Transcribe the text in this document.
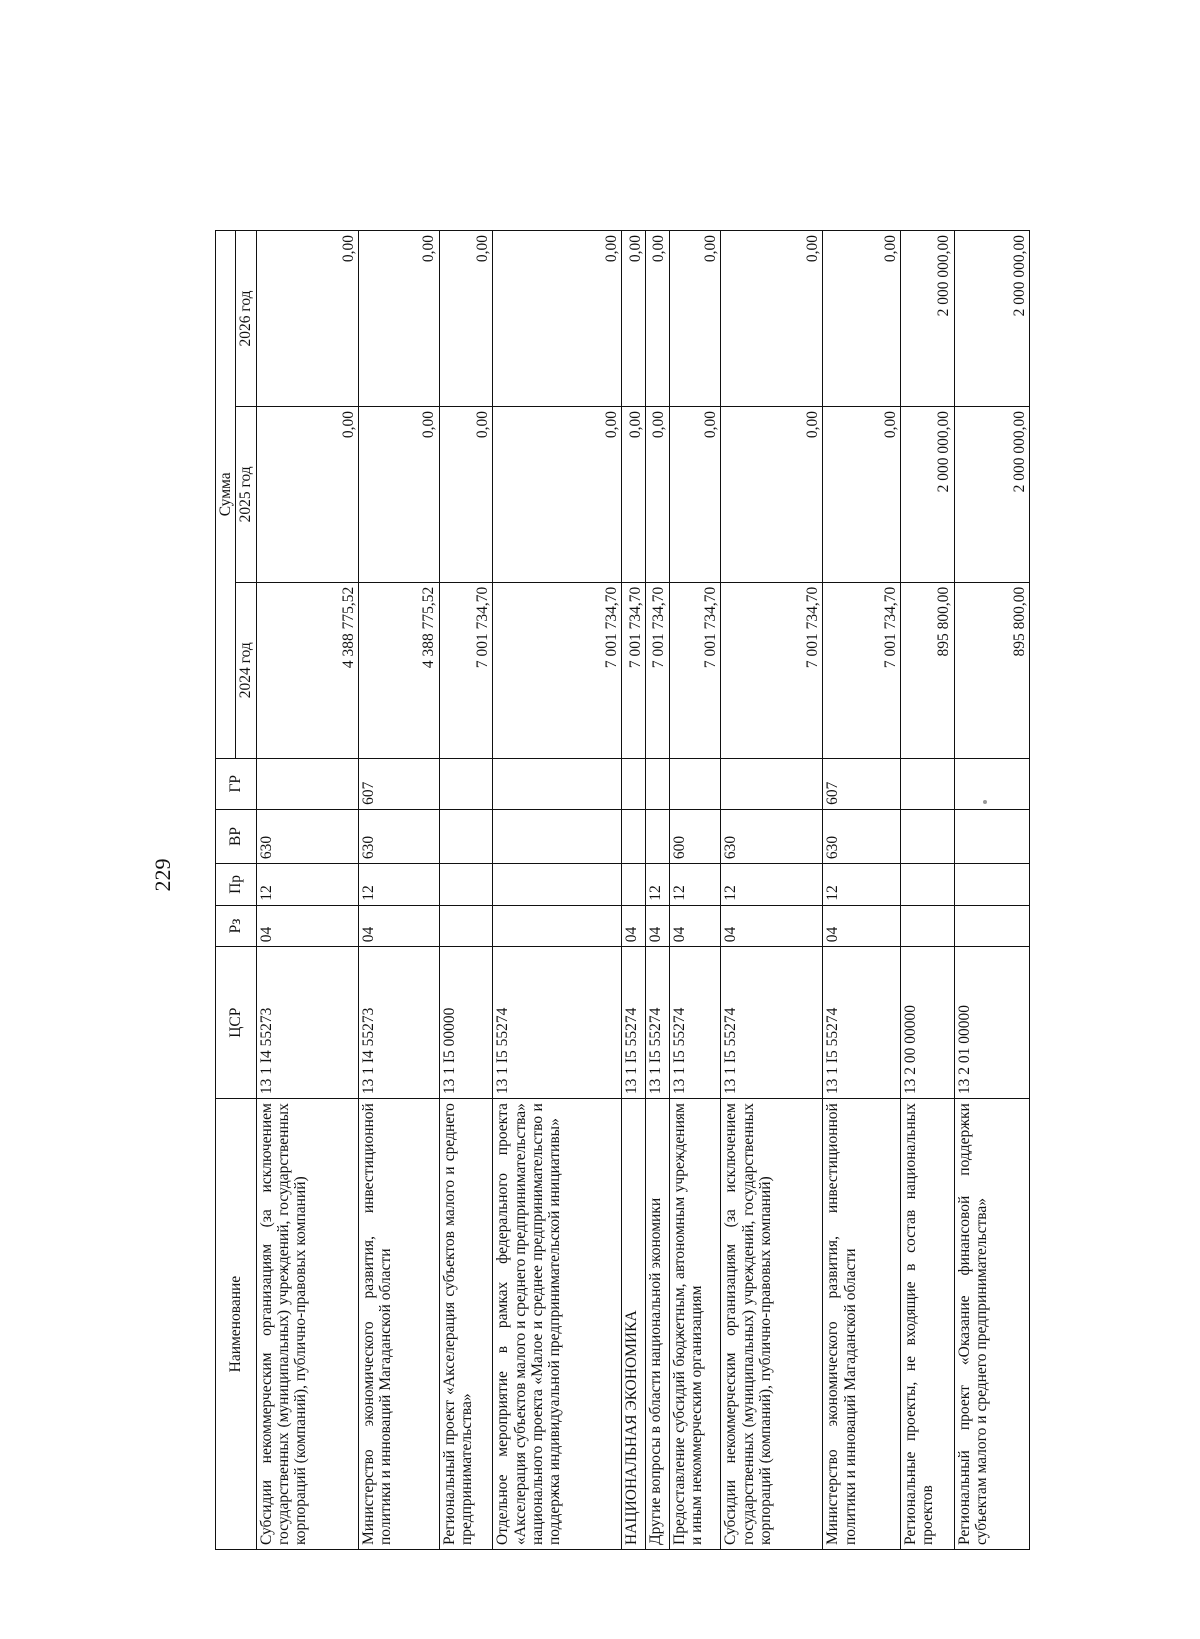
229
Наименование	ЦСР	Рз	Пр	ВР	ГР	Сумма		
						2024 год	2025 год	2026 год
Субсидии некоммерческим организациям (за исключением государственных (муниципальных) учреждений, государственных корпораций (компаний), публично-правовых компаний)	13 1 I4 55273	04	12	630		4 388 775,52	0,00	0,00
Министерство экономического развития, инвестиционной политики и инноваций Магаданской области	13 1 I4 55273	04	12	630	607	4 388 775,52	0,00	0,00
Региональный проект «Акселерация субъектов малого и среднего предпринимательства»	13 1 I5 00000					7 001 734,70	0,00	0,00
Отдельное мероприятие в рамках федерального проекта «Акселерация субъектов малого и среднего предпринимательства» национального проекта «Малое и среднее предпринимательство и поддержка индивидуальной предпринимательской инициативы»	13 1 I5 55274					7 001 734,70	0,00	0,00
НАЦИОНАЛЬНАЯ ЭКОНОМИКА	13 1 I5 55274	04				7 001 734,70	0,00	0,00
Другие вопросы в области национальной экономики	13 1 I5 55274	04	12			7 001 734,70	0,00	0,00
Предоставление субсидий бюджетным, автономным учреждениям и иным некоммерческим организациям	13 1 I5 55274	04	12	600		7 001 734,70	0,00	0,00
Субсидии некоммерческим организациям (за исключением государственных (муниципальных) учреждений, государственных корпораций (компаний), публично-правовых компаний)	13 1 I5 55274	04	12	630		7 001 734,70	0,00	0,00
Министерство экономического развития, инвестиционной политики и инноваций Магаданской области	13 1 I5 55274	04	12	630	607	7 001 734,70	0,00	0,00
Региональные проекты, не входящие в состав национальных проектов	13 2 00 00000					895 800,00	2 000 000,00	2 000 000,00
Региональный проект «Оказание финансовой поддержки субъектам малого и среднего предпринимательства»	13 2 01 00000					895 800,00	2 000 000,00	2 000 000,00
